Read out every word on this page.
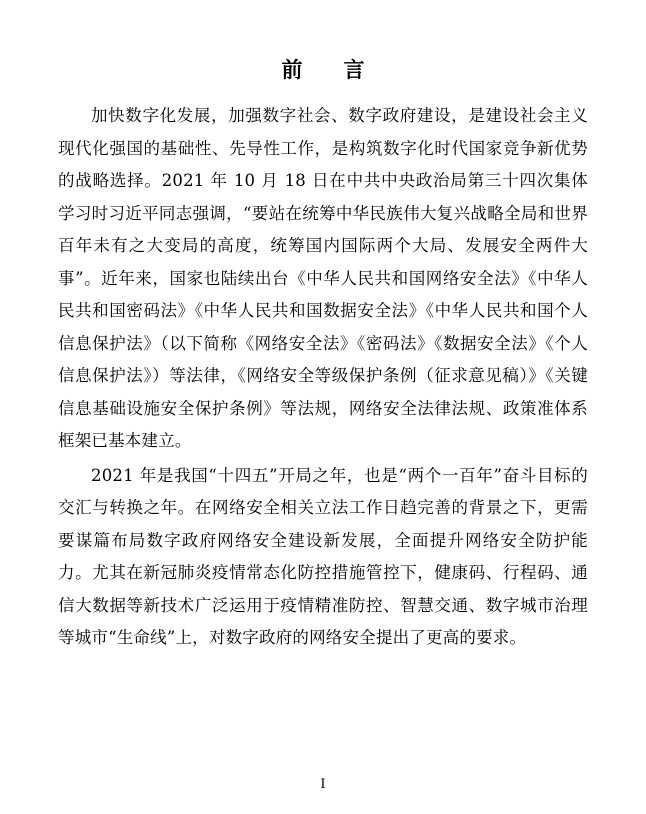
前　言

加快数字化发展，加强数字社会、数字政府建设，是建设社会主义现代化强国的基础性、先导性工作，是构筑数字化时代国家竞争新优势的战略选择。2021 年 10 月 18 日在中共中央政治局第三十四次集体学习时习近平同志强调，“要站在统筹中华民族伟大复兴战略全局和世界百年未有之大变局的高度，统筹国内国际两个大局、发展安全两件大事”。近年来，国家也陆续出台《中华人民共和国网络安全法》《中华人民共和国密码法》《中华人民共和国数据安全法》《中华人民共和国个人信息保护法》（以下简称《网络安全法》《密码法》《数据安全法》《个人信息保护法》）等法律，《网络安全等级保护条例（征求意见稿）》《关键信息基础设施安全保护条例》等法规，网络安全法律法规、政策准体系框架已基本建立。

2021 年是我国“十四五”开局之年，也是“两个一百年”奋斗目标的交汇与转换之年。在网络安全相关立法工作日趋完善的背景之下，更需要谋篇布局数字政府网络安全建设新发展，全面提升网络安全防护能力。尤其在新冠肺炎疫情常态化防控措施管控下，健康码、行程码、通信大数据等新技术广泛运用于疫情精准防控、智慧交通、数字城市治理等城市“生命线”上，对数字政府的网络安全提出了更高的要求。

I
